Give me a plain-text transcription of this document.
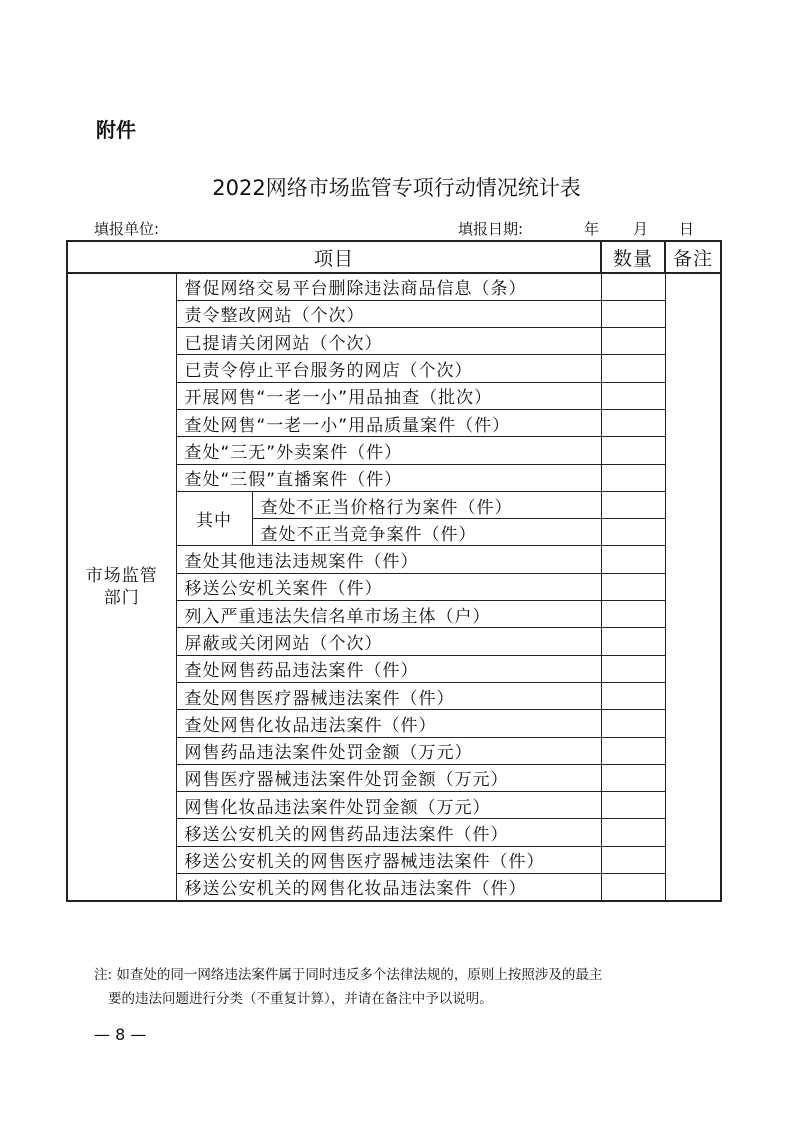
附件
2022网络市场监管专项行动情况统计表
填报单位:	填报日期:	年 月 日
项目			数量	备注

市场监管
部门	督促网络交易平台删除违法商品信息（条）			
	责令整改网站（个次）			
	已提请关闭网站（个次）			
	已责令停止平台服务的网店（个次）			
	开展网售“一老一小”用品抽查（批次）			
	查处网售“一老一小”用品质量案件（件）			
	查处“三无”外卖案件（件）			
	查处“三假”直播案件（件）			
	其中	查处不正当价格行为案件（件）		
		查处不正当竞争案件（件）		
	查处其他违法违规案件（件）			
	移送公安机关案件（件）			
	列入严重违法失信名单市场主体（户）			
	屏蔽或关闭网站（个次）			
	查处网售药品违法案件（件）			
	查处网售医疗器械违法案件（件）			
	查处网售化妆品违法案件（件）			
	网售药品违法案件处罚金额（万元）			
	网售医疗器械违法案件处罚金额（万元）			
	网售化妆品违法案件处罚金额（万元）			
	移送公安机关的网售药品违法案件（件）			
	移送公安机关的网售医疗器械违法案件（件）			
	移送公安机关的网售化妆品违法案件（件）			
注: 如查处的同一网络违法案件属于同时违反多个法律法规的，原则上按照涉及的最主
要的违法问题进行分类（不重复计算），并请在备注中予以说明。
— 8 —
